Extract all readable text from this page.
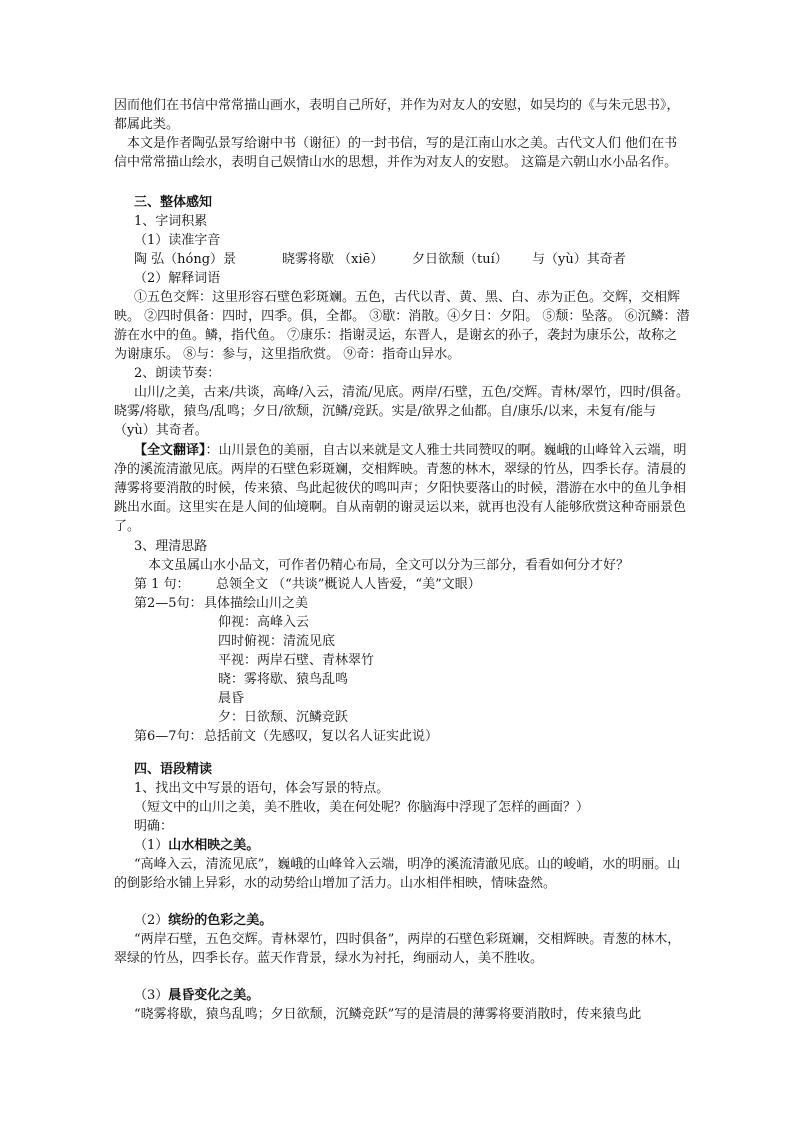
因而他们在书信中常常描山画水，表明自己所好，并作为对友人的安慰，如吴均的《与朱元思书》，都属此类。

本文是作者陶弘景写给谢中书（谢征）的一封书信，写的是江南山水之美。古代文人们 他们在书信中常常描山绘水，表明自己娱情山水的思想，并作为对友人的安慰。 这篇是六朝山水小品名作。

三、整体感知
1、字词积累
（1）读准字音
陶 弘（hóng）景	晓雾将歇 （xiē） 夕日欲颓（tuí） 与（yù）其奇者
（2）解释词语

①五色交辉：这里形容石壁色彩斑斓。五色，古代以青、黄、黑、白、赤为正色。交辉，交相辉映。 ②四时俱备：四时，四季。俱，全都。 ③歇：消散。④夕日：夕阳。 ⑤颓：坠落。 ⑥沉鳞：潜游在水中的鱼。鳞，指代鱼。 ⑦康乐：指谢灵运，东晋人，是谢玄的孙子，袭封为康乐公，故称之为谢康乐。 ⑧与：参与，这里指欣赏。 ⑨奇：指奇山异水。

2、朗读节奏：

山川/之美，古来/共谈，高峰/入云，清流/见底。两岸/石壁，五色/交辉。青林/翠竹，四时/俱备。晓雾/将歇，猿鸟/乱鸣；夕日/欲颓，沉鳞/竞跃。实是/欲界之仙都。自/康乐/以来，未复有/能与（yù）其奇者。

【全文翻译】：山川景色的美丽，自古以来就是文人雅士共同赞叹的啊。巍峨的山峰耸入云端，明净的溪流清澈见底。两岸的石壁色彩斑斓，交相辉映。青葱的林木，翠绿的竹丛，四季长存。清晨的薄雾将要消散的时候，传来猿、鸟此起彼伏的鸣叫声；夕阳快要落山的时候，潜游在水中的鱼儿争相跳出水面。这里实在是人间的仙境啊。自从南朝的谢灵运以来，就再也没有人能够欣赏这种奇丽景色了。

3、理清思路
本文虽属山水小品文，可作者仍精心布局，全文可以分为三部分，看看如何分才好？
第 1 句： 总领全文 （“共谈”概说人人皆爱，“美”文眼）
第2—5句： 具体描绘山川之美
仰视：高峰入云
四时俯视：清流见底
平视：两岸石壁、青林翠竹
晓：雾将歇、猿鸟乱鸣
晨昏
夕：日欲颓、沉鳞竞跃
第6—7句： 总括前文（先感叹，复以名人证实此说）
四、语段精读
1、找出文中写景的语句，体会写景的特点。
（短文中的山川之美，美不胜收，美在何处呢？你脑海中浮现了怎样的画面？）
明确：
（1）山水相映之美。

“高峰入云，清流见底”，巍峨的山峰耸入云端，明净的溪流清澈见底。山的峻峭，水的明丽。山的倒影给水铺上异彩，水的动势给山增加了活力。山水相伴相映，情味盎然。

（2）缤纷的色彩之美。

“两岸石壁，五色交辉。青林翠竹，四时俱备”，两岸的石壁色彩斑斓，交相辉映。青葱的林木，翠绿的竹丛，四季长存。蓝天作背景，绿水为衬托，绚丽动人，美不胜收。

（3）晨昏变化之美。

“晓雾将歇，猿鸟乱鸣；夕日欲颓，沉鳞竞跃”写的是清晨的薄雾将要消散时，传来猿鸟此
